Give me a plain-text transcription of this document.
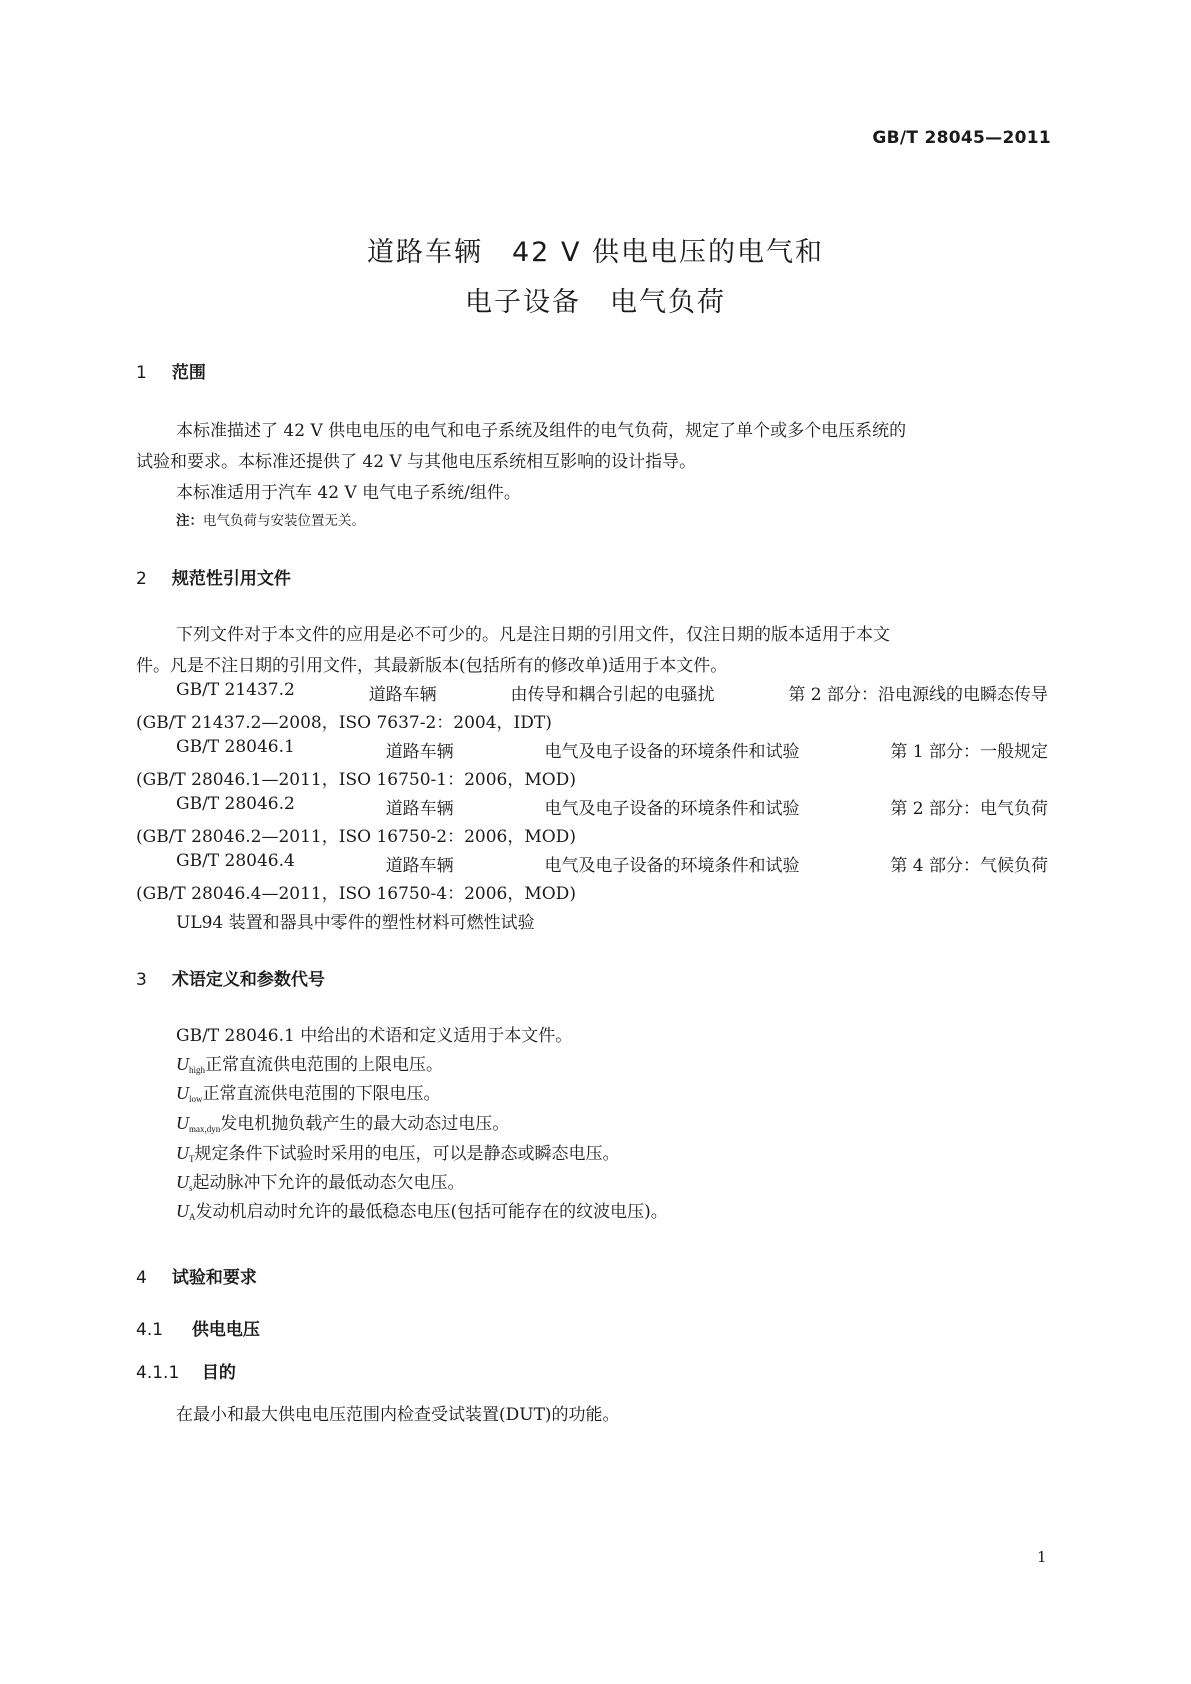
GB/T 28045—2011
道路车辆　42 V 供电电压的电气和
电子设备　电气负荷
1 范围
本标准描述了 42 V 供电电压的电气和电子系统及组件的电气负荷，规定了单个或多个电压系统的
试验和要求。本标准还提供了 42 V 与其他电压系统相互影响的设计指导。
本标准适用于汽车 42 V 电气电子系统/组件。
注：电气负荷与安装位置无关。
2 规范性引用文件
下列文件对于本文件的应用是必不可少的。凡是注日期的引用文件，仅注日期的版本适用于本文
件。凡是不注日期的引用文件，其最新版本(包括所有的修改单)适用于本文件。
GB/T 21437.2	道路车辆	由传导和耦合引起的电骚扰	第 2 部分：沿电源线的电瞬态传导
(GB/T 21437.2—2008，ISO 7637-2：2004，IDT)
GB/T 28046.1	道路车辆	电气及电子设备的环境条件和试验	第 1 部分：一般规定
(GB/T 28046.1—2011，ISO 16750-1：2006，MOD)
GB/T 28046.2	道路车辆	电气及电子设备的环境条件和试验	第 2 部分：电气负荷
(GB/T 28046.2—2011，ISO 16750-2：2006，MOD)
GB/T 28046.4	道路车辆	电气及电子设备的环境条件和试验	第 4 部分：气候负荷
(GB/T 28046.4—2011，ISO 16750-4：2006，MOD)
UL94 装置和器具中零件的塑性材料可燃性试验
3 术语定义和参数代号
GB/T 28046.1 中给出的术语和定义适用于本文件。
$U_{high}$正常直流供电范围的上限电压。
$U_{low}$正常直流供电范围的下限电压。
$U_{max,dyn}$发电机抛负载产生的最大动态过电压。
$U_T$规定条件下试验时采用的电压，可以是静态或瞬态电压。
$U_s$起动脉冲下允许的最低动态欠电压。
$U_A$发动机启动时允许的最低稳态电压(包括可能存在的纹波电压)。
4 试验和要求
4.1 供电电压
4.1.1 目的
在最小和最大供电电压范围内检查受试装置(DUT)的功能。
1
